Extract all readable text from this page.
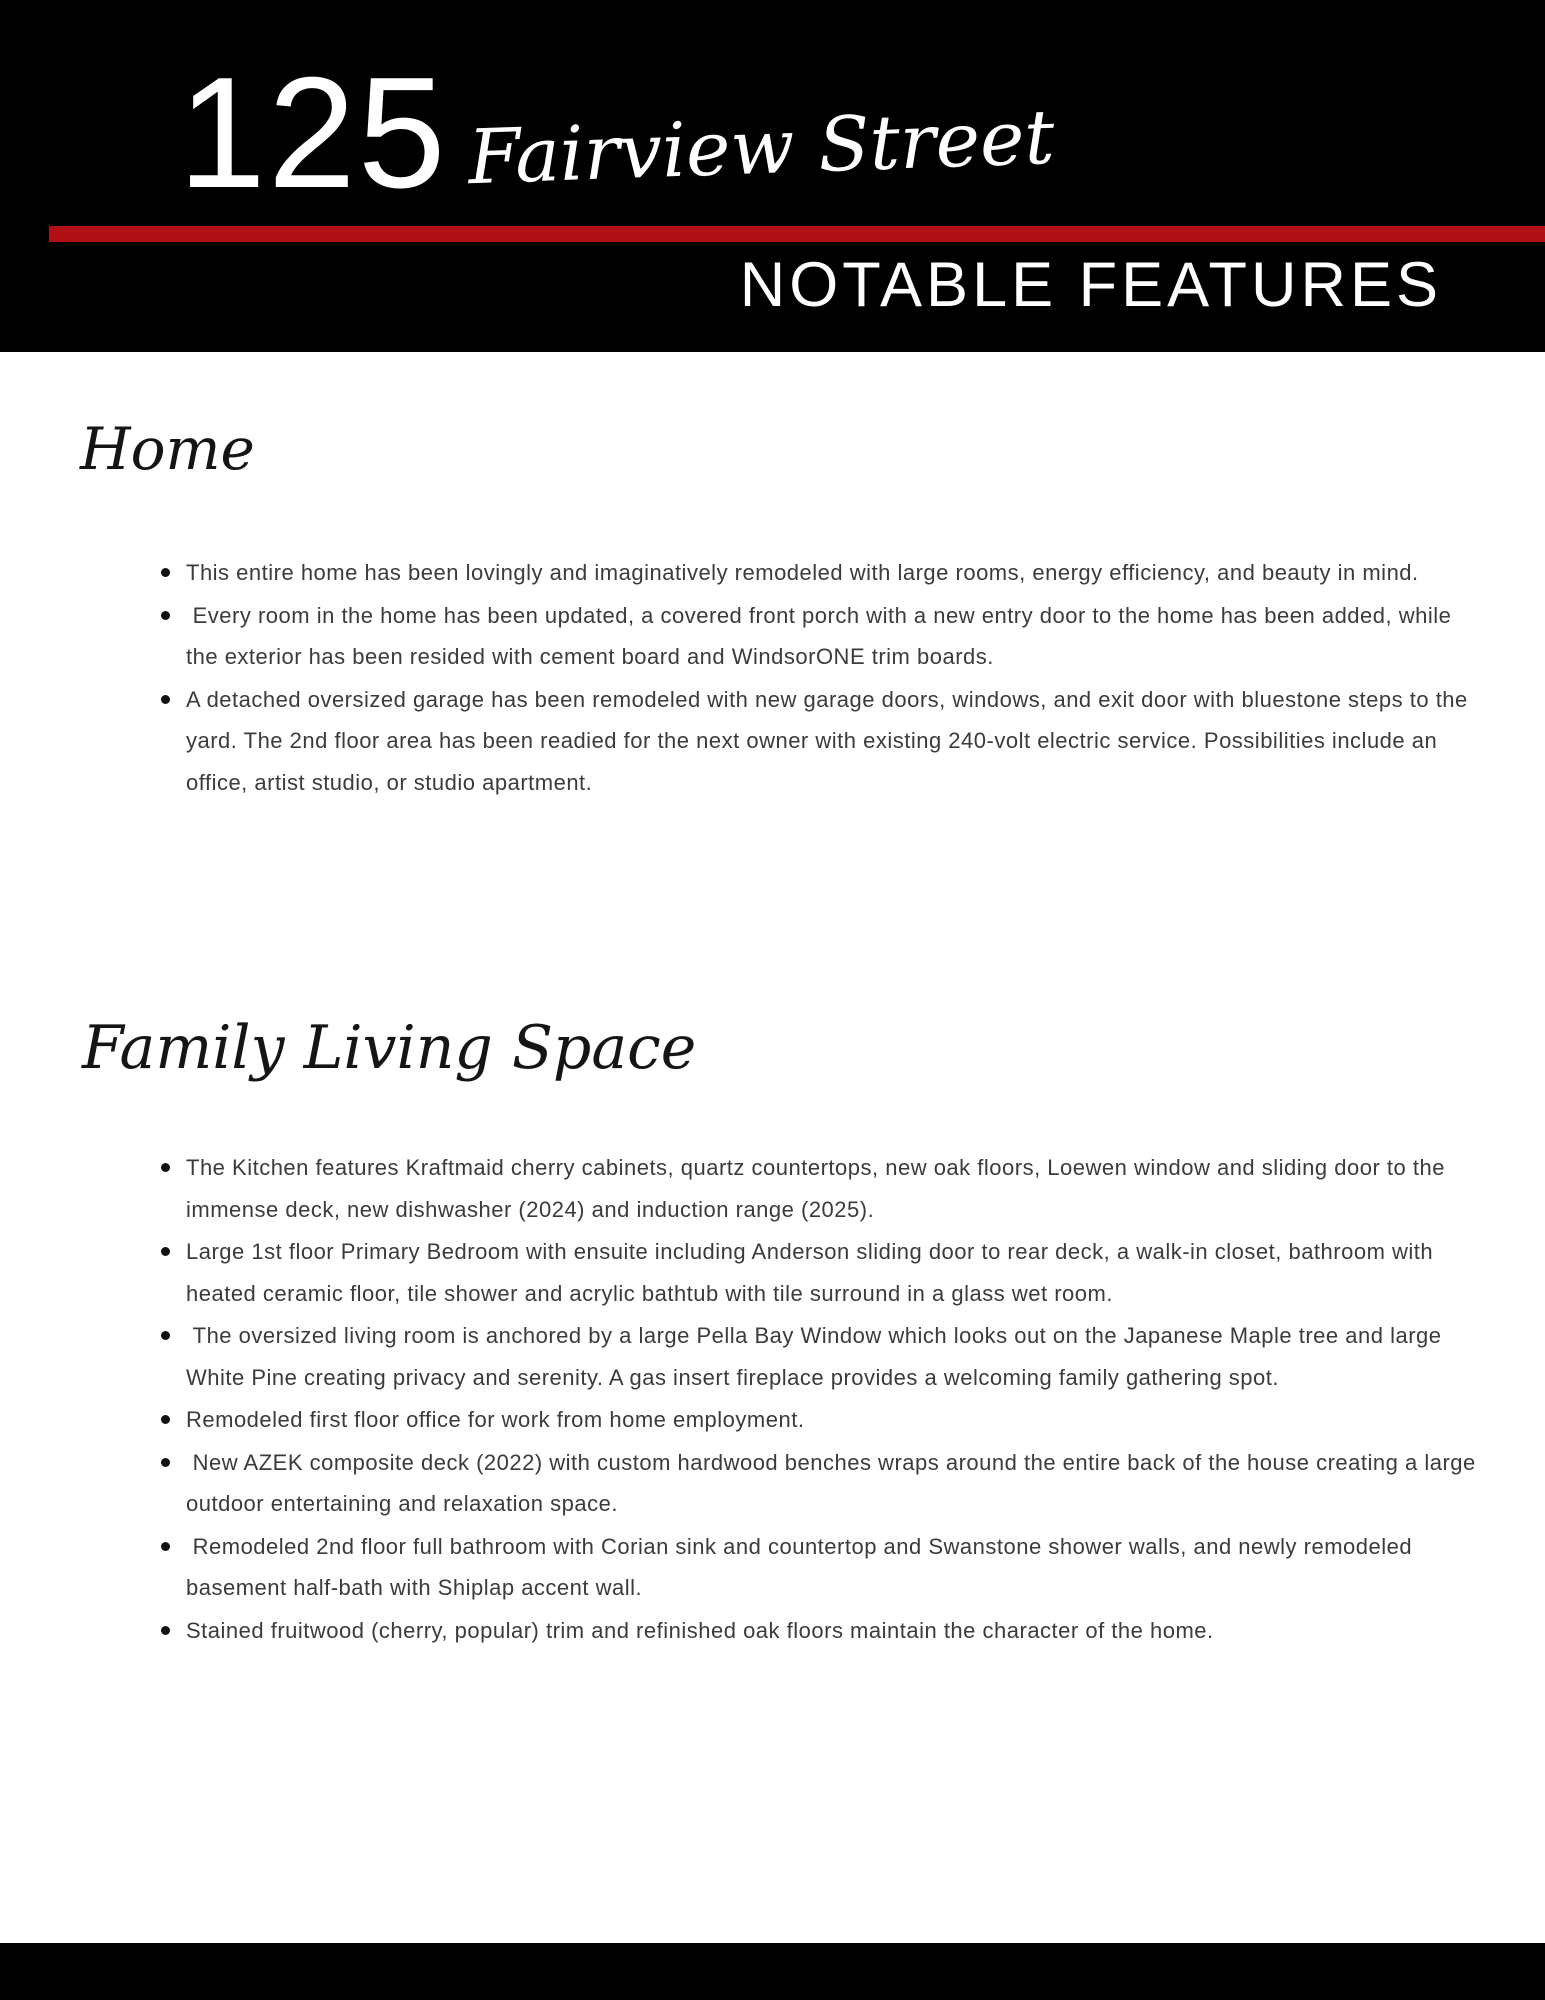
125 Fairview Street
NOTABLE FEATURES
Home
This entire home has been lovingly and imaginatively remodeled with large rooms, energy efficiency, and beauty in mind.
Every room in the home has been updated, a covered front porch with a new entry door to the home has been added, while the exterior has been resided with cement board and WindsorONE trim boards.
A detached oversized garage has been remodeled with new garage doors, windows, and exit door with bluestone steps to the yard. The 2nd floor area has been readied for the next owner with existing 240-volt electric service. Possibilities include an office, artist studio, or studio apartment.
Family Living Space
The Kitchen features Kraftmaid cherry cabinets, quartz countertops, new oak floors, Loewen window and sliding door to the immense deck, new dishwasher (2024) and induction range (2025).
Large 1st floor Primary Bedroom with ensuite including Anderson sliding door to rear deck, a walk-in closet, bathroom with heated ceramic floor, tile shower and acrylic bathtub with tile surround in a glass wet room.
The oversized living room is anchored by a large Pella Bay Window which looks out on the Japanese Maple tree and large White Pine creating privacy and serenity. A gas insert fireplace provides a welcoming family gathering spot.
Remodeled first floor office for work from home employment.
New AZEK composite deck (2022) with custom hardwood benches wraps around the entire back of the house creating a large outdoor entertaining and relaxation space.
Remodeled 2nd floor full bathroom with Corian sink and countertop and Swanstone shower walls, and newly remodeled basement half-bath with Shiplap accent wall.
Stained fruitwood (cherry, popular) trim and refinished oak floors maintain the character of the home.
